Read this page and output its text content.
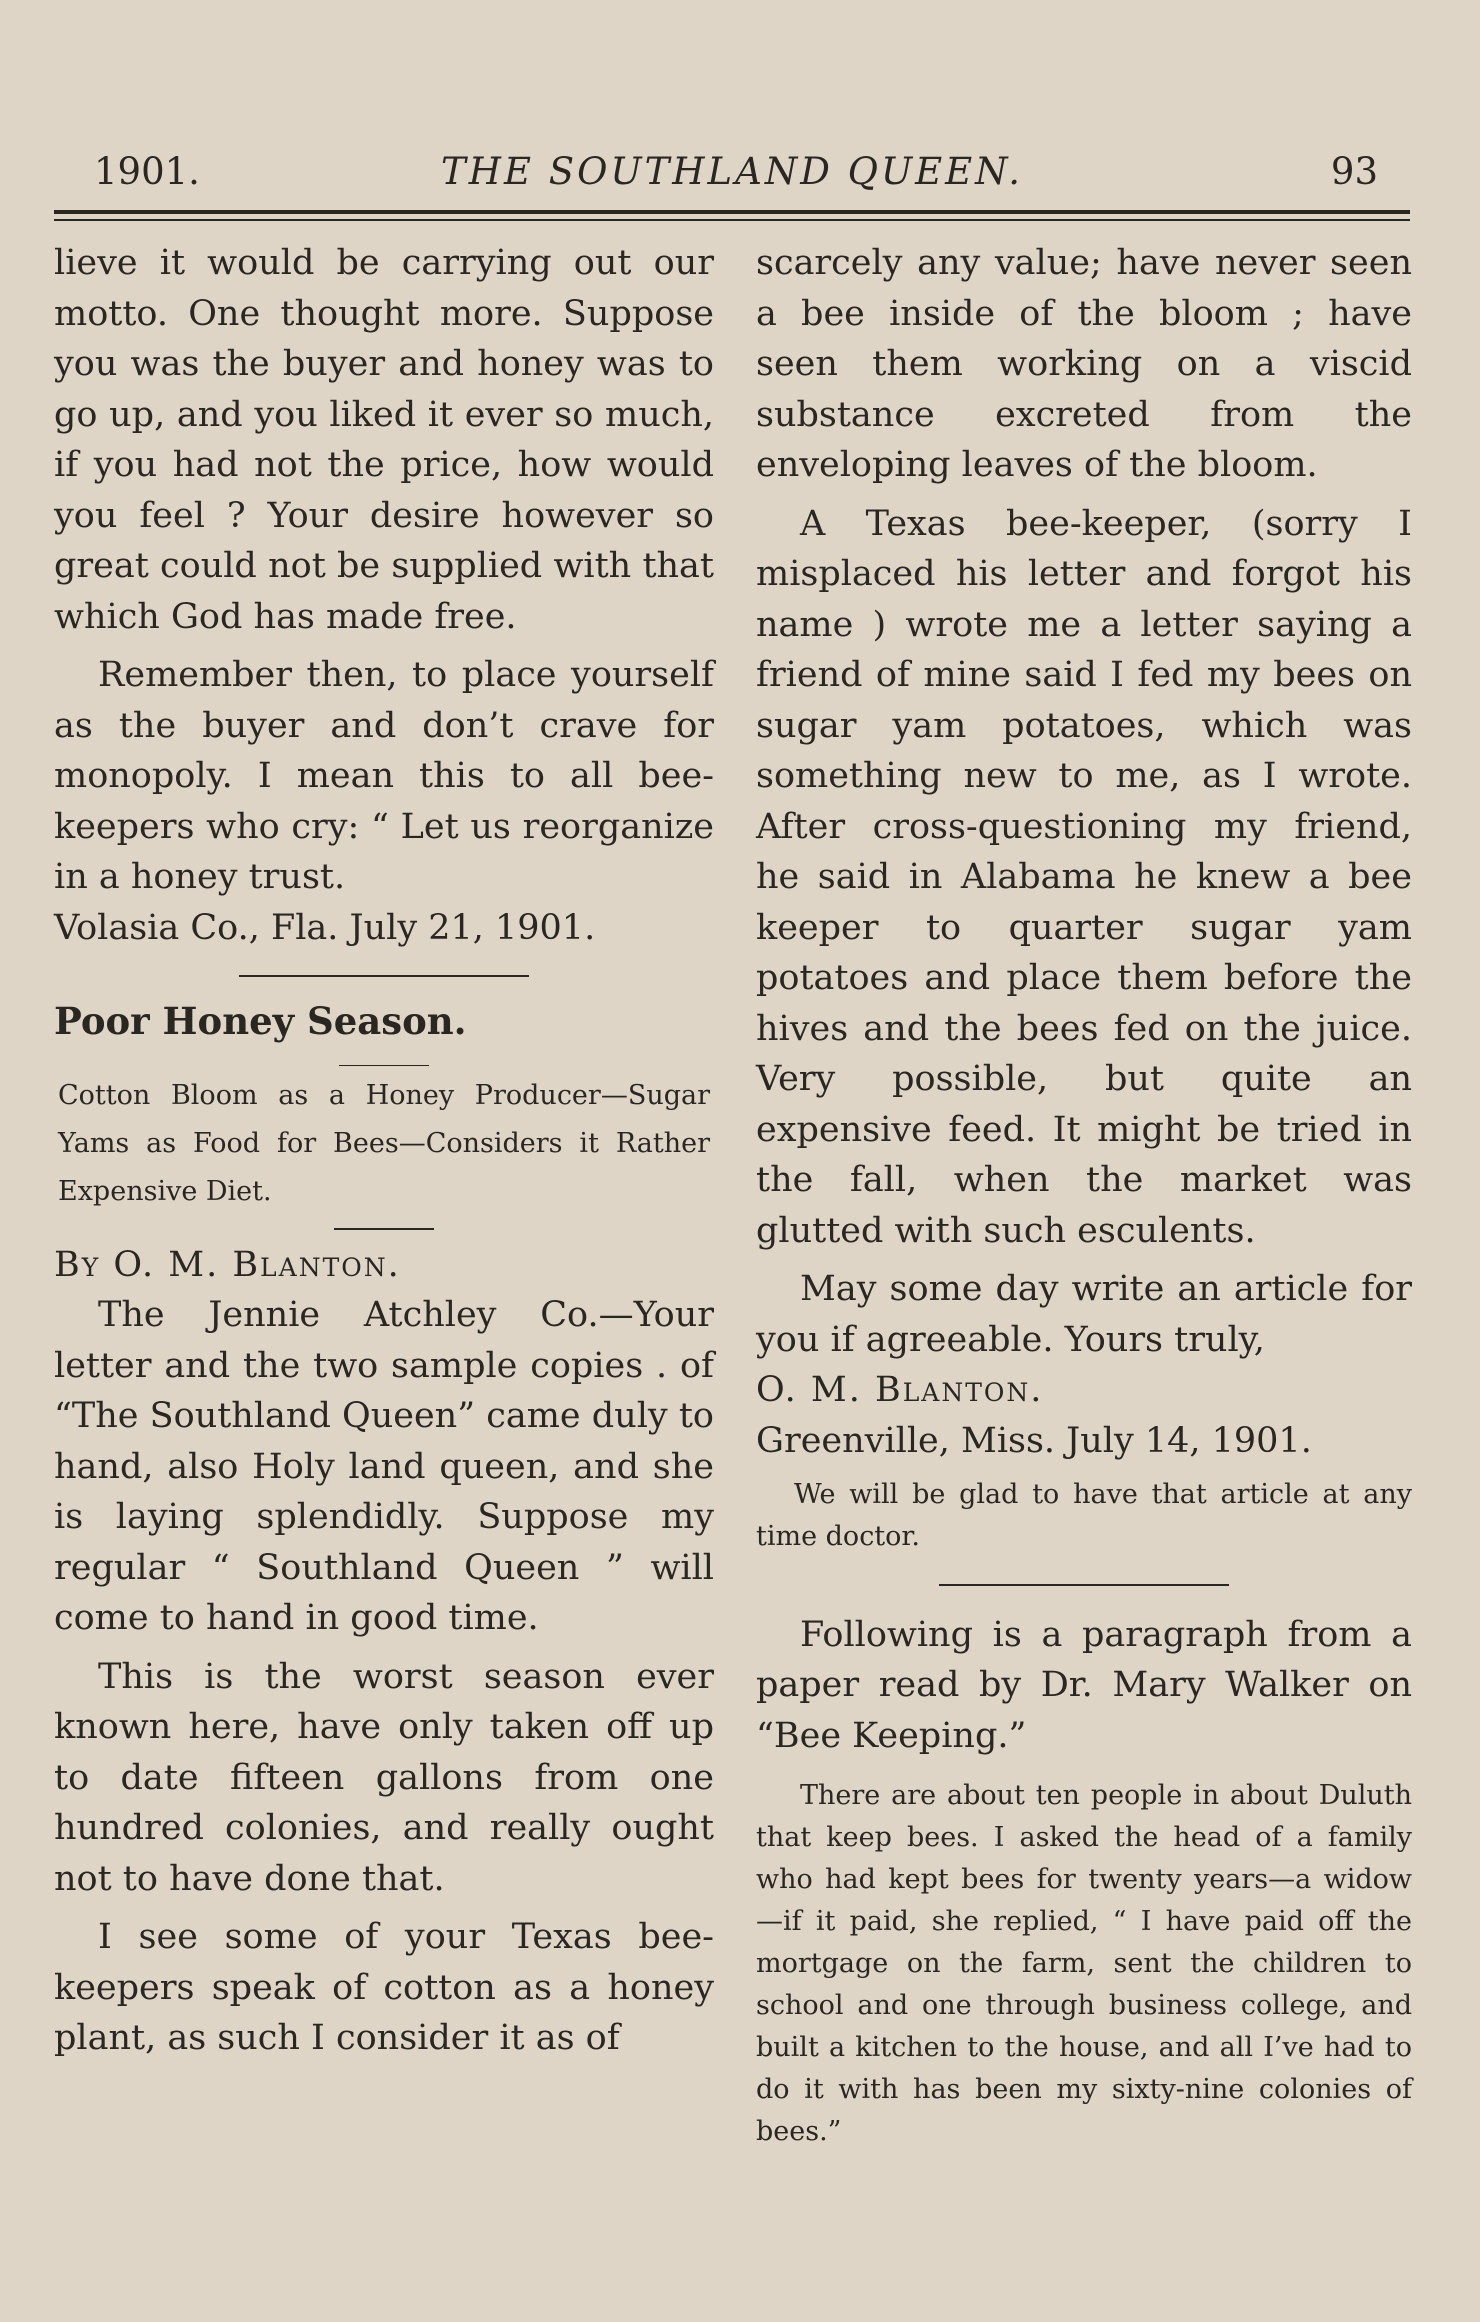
1901.	THE SOUTHLAND QUEEN.	93

lieve it would be carrying out our motto. One thought more. Suppose you was the buyer and honey was to go up, and you liked it ever so much, if you had not the price, how would you feel ? Your desire however so great could not be supplied with that which God has made free.

Remember then, to place yourself as the buyer and don’t crave for monopoly. I mean this to all bee-keepers who cry: “ Let us reorganize in a honey trust.

Volasia Co., Fla. July 21, 1901.

Poor Honey Season.

Cotton Bloom as a Honey Producer—Sugar Yams as Food for Bees—Considers it Rather Expensive Diet.

By O. M. Blanton.

The Jennie Atchley Co.—Your letter and the two sample copies . of “The Southland Queen” came duly to hand, also Holy land queen, and she is laying splendidly. Suppose my regular “ Southland Queen ” will come to hand in good time.

This is the worst season ever known here, have only taken off up to date fifteen gallons from one hundred colonies, and really ought not to have done that.

I see some of your Texas bee-keepers speak of cotton as a honey plant, as such I consider it as of

scarcely any value; have never seen a bee inside of the bloom ; have seen them working on a viscid substance excreted from the enveloping leaves of the bloom.

A Texas bee-keeper, (sorry I misplaced his letter and forgot his name ) wrote me a letter saying a friend of mine said I fed my bees on sugar yam potatoes, which was something new to me, as I wrote. After cross-questioning my friend, he said in Alabama he knew a bee keeper to quarter sugar yam potatoes and place them before the hives and the bees fed on the juice. Very possible, but quite an expensive feed. It might be tried in the fall, when the market was glutted with such esculents.

May some day write an article for you if agreeable. Yours truly,

O. M. Blanton.

Greenville, Miss. July 14, 1901.

We will be glad to have that article at any time doctor.

Following is a paragraph from a paper read by Dr. Mary Walker on “Bee Keeping.”

There are about ten people in about Duluth that keep bees. I asked the head of a family who had kept bees for twenty years—a widow—if it paid, she replied, “ I have paid off the mortgage on the farm, sent the children to school and one through business college, and built a kitchen to the house, and all I’ve had to do it with has been my sixty-nine colonies of bees.”
